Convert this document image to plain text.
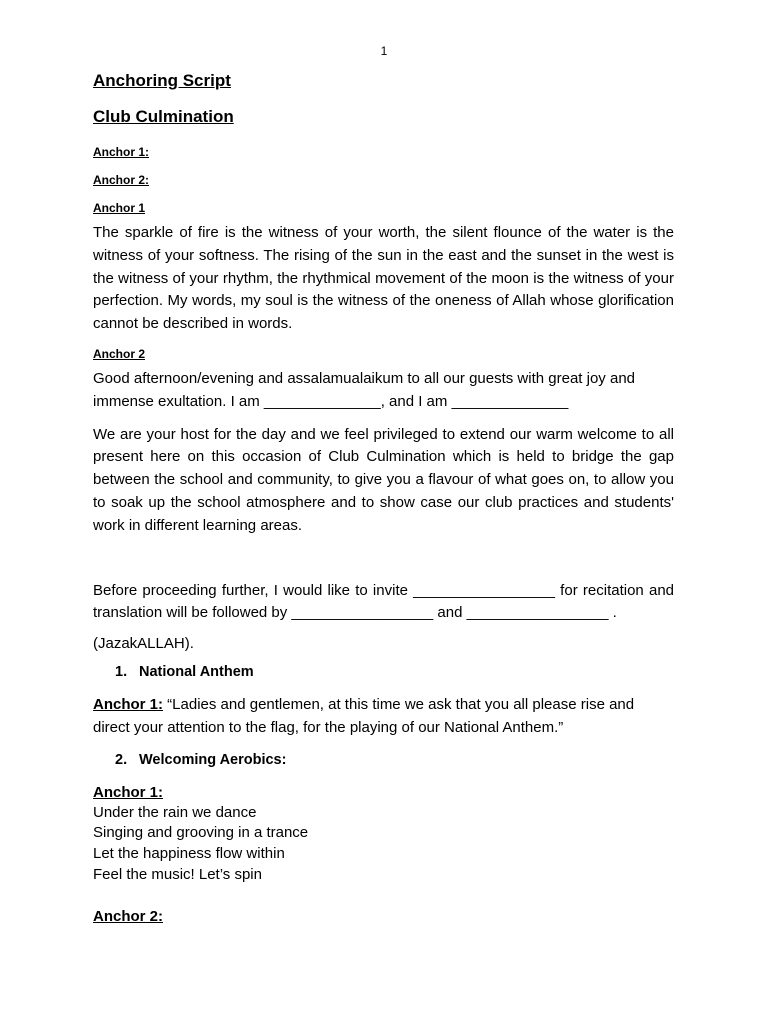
1
Anchoring Script
Club Culmination
Anchor 1:
Anchor 2:
Anchor 1

The sparkle of fire is the witness of your worth, the silent flounce of the water is the witness of your softness. The rising of the sun in the east and the sunset in the west is the witness of your rhythm, the rhythmical movement of the moon is the witness of your perfection. My words, my soul is the witness of the oneness of Allah whose glorification cannot be described in words.

Anchor 2

Good afternoon/evening and assalamualaikum to all our guests with great joy and immense exultation. I am ______________, and I am ______________

We are your host for the day and we feel privileged to extend our warm welcome to all present here on this occasion of Club Culmination which is held to bridge the gap between the school and community, to give you a flavour of what goes on, to allow you to soak up the school atmosphere and to show case our club practices and students' work in different learning areas.

Before proceeding further, I would like to invite _________________ for recitation and translation will be followed by _________________ and _________________ .

(JazakALLAH).

1. National Anthem

Anchor 1: “Ladies and gentlemen, at this time we ask that you all please rise and direct your attention to the flag, for the playing of our National Anthem.”

2. Welcoming Aerobics:
Anchor 1:
Under the rain we dance
Singing and grooving in a trance
Let the happiness flow within
Feel the music! Let’s spin
Anchor 2:
